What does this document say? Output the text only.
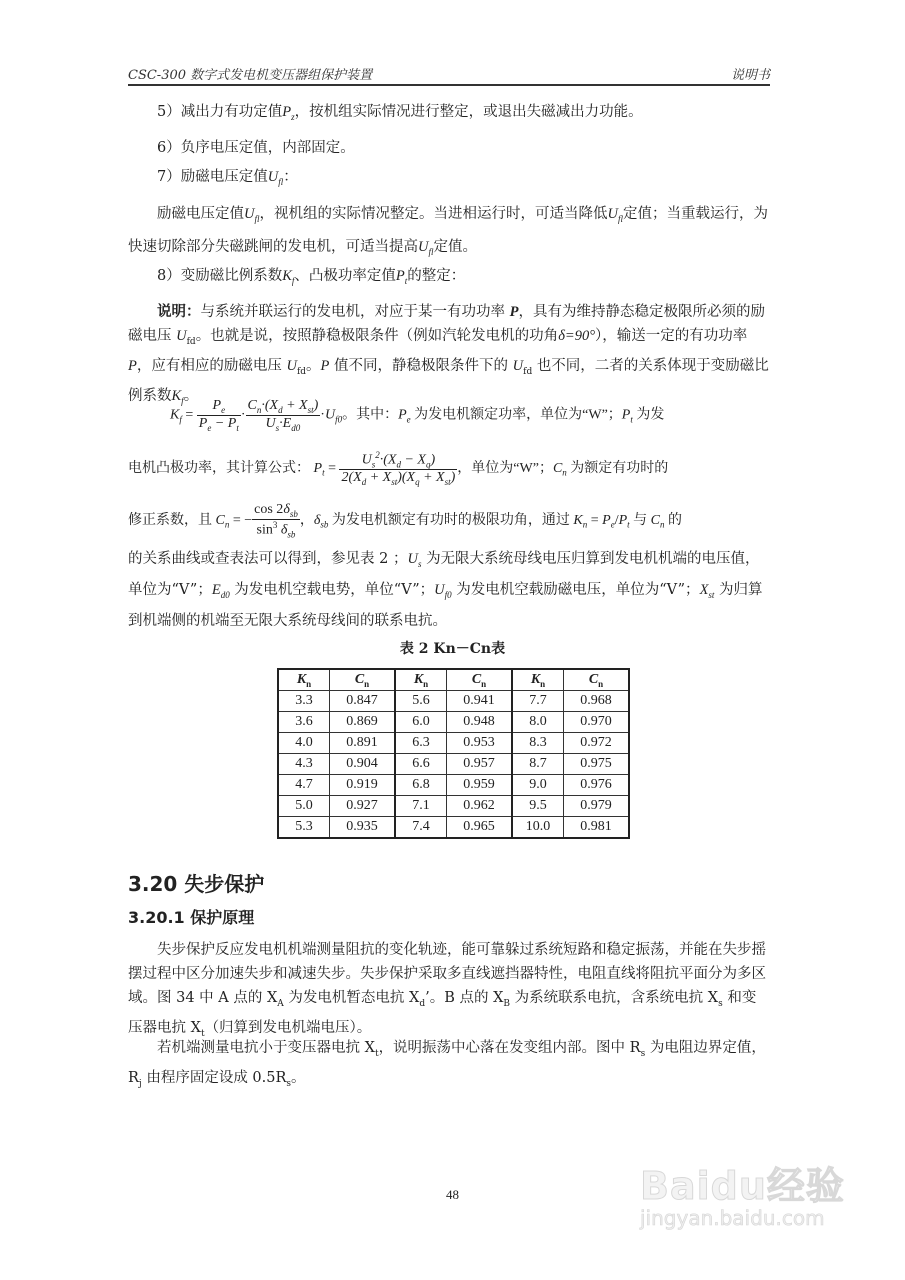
CSC-300 数字式发电机变压器组保护装置	说明书
5）减出力有功定值$P_z$，按机组实际情况进行整定，或退出失磁减出力功能。
6）负序电压定值，内部固定。
7）励磁电压定值$U_{fl}$：
励磁电压定值$U_{fl}$，视机组的实际情况整定。当进相运行时，可适当降低$U_{fl}$定值；当重载运行，为快速切除部分失磁跳闸的发电机，可适当提高$U_{fl}$定值。
8）变励磁比例系数$K_f$、凸极功率定值$P_t$的整定：
说明：与系统并联运行的发电机，对应于某一有功功率 P，具有为维持静态稳定极限所必须的励磁电压 $U_{fd}$。也就是说，按照静稳极限条件（例如汽轮发电机的功角δ=90°），输送一定的有功功率 P，应有相应的励磁电压 $U_{fd}$。P 值不同，静稳极限条件下的 $U_{fd}$ 也不同，二者的关系体现于变励磁比例系数$K_f$。
$K_f = \frac{P_e}{P_e - P_t} \cdot \frac{C_n\cdot(X_d + X_{st})}{U_s\cdot E_{d0}} \cdot U_{f0}$。其中：$P_e$ 为发电机额定功率，单位为“W”；$P_t$ 为发
电机凸极功率，其计算公式： $P_t = \frac{U_s^2\cdot(X_d - X_q)}{2(X_d + X_{st})(X_q + X_{st})}$ ，单位为“W”；$C_n$ 为额定有功时的
修正系数，且 $C_n$ = − $\frac{\cos 2\delta_{sb}}{\sin^3 \delta_{sb}}$ ，$\delta_{sb}$ 为发电机额定有功时的极限功角，通过 $K_n = P_e/P_t$ 与 $C_n$ 的
的关系曲线或查表法可以得到，参见表 2 ；$U_s$ 为无限大系统母线电压归算到发电机机端的电压值，单位为“V”；$E_{d0}$ 为发电机空载电势，单位“V”；$U_{f0}$ 为发电机空载励磁电压，单位为“V”；$X_{st}$ 为归算到机端侧的机端至无限大系统母线间的联系电抗。
表 2 Kn－Cn表
$K_n$	$C_n$	$K_n$	$C_n$	$K_n$	$C_n$
3.3	0.847	5.6	0.941	7.7	0.968
3.6	0.869	6.0	0.948	8.0	0.970
4.0	0.891	6.3	0.953	8.3	0.972
4.3	0.904	6.6	0.957	8.7	0.975
4.7	0.919	6.8	0.959	9.0	0.976
5.0	0.927	7.1	0.962	9.5	0.979
5.3	0.935	7.4	0.965	10.0	0.981
3.20 失步保护
3.20.1 保护原理
失步保护反应发电机机端测量阻抗的变化轨迹，能可靠躲过系统短路和稳定振荡，并能在失步摇摆过程中区分加速失步和减速失步。失步保护采取多直线遮挡器特性，电阻直线将阻抗平面分为多区域。图 34 中 A 点的 $X_A$ 为发电机暂态电抗 $X_d$’。B 点的 $X_B$ 为系统联系电抗，含系统电抗 $X_s$ 和变压器电抗 $X_t$（归算到发电机端电压）。
若机端测量电抗小于变压器电抗 $X_t$，说明振荡中心落在发变组内部。图中 $R_s$ 为电阻边界定值，$R_j$ 由程序固定设成 $0.5R_s$。
48	Baidu经验
jingyan.baidu.com
